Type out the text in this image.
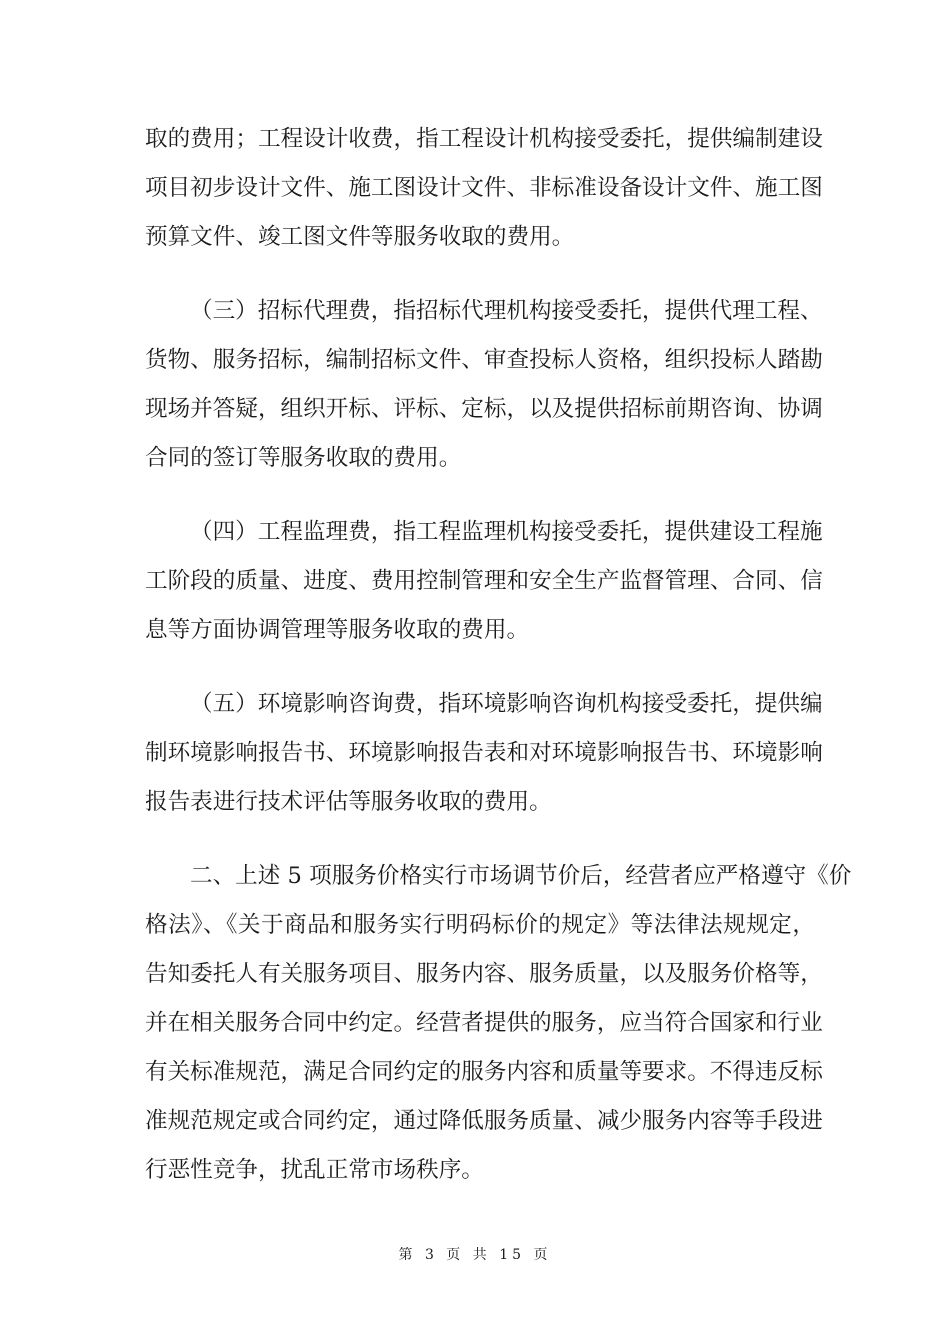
取的费用；工程设计收费，指工程设计机构接受委托，提供编制建设
项目初步设计文件、施工图设计文件、非标准设备设计文件、施工图
预算文件、竣工图文件等服务收取的费用。
（三）招标代理费，指招标代理机构接受委托，提供代理工程、
货物、服务招标，编制招标文件、审查投标人资格，组织投标人踏勘
现场并答疑，组织开标、评标、定标，以及提供招标前期咨询、协调
合同的签订等服务收取的费用。
（四）工程监理费，指工程监理机构接受委托，提供建设工程施
工阶段的质量、进度、费用控制管理和安全生产监督管理、合同、信
息等方面协调管理等服务收取的费用。
（五）环境影响咨询费，指环境影响咨询机构接受委托，提供编
制环境影响报告书、环境影响报告表和对环境影响报告书、环境影响
报告表进行技术评估等服务收取的费用。
二、上述 5 项服务价格实行市场调节价后，经营者应严格遵守《价
格法》、《关于商品和服务实行明码标价的规定》等法律法规规定，
告知委托人有关服务项目、服务内容、服务质量，以及服务价格等，
并在相关服务合同中约定。经营者提供的服务，应当符合国家和行业
有关标准规范，满足合同约定的服务内容和质量等要求。不得违反标
准规范规定或合同约定，通过降低服务质量、减少服务内容等手段进
行恶性竞争，扰乱正常市场秩序。
第 3 页 共 15 页
